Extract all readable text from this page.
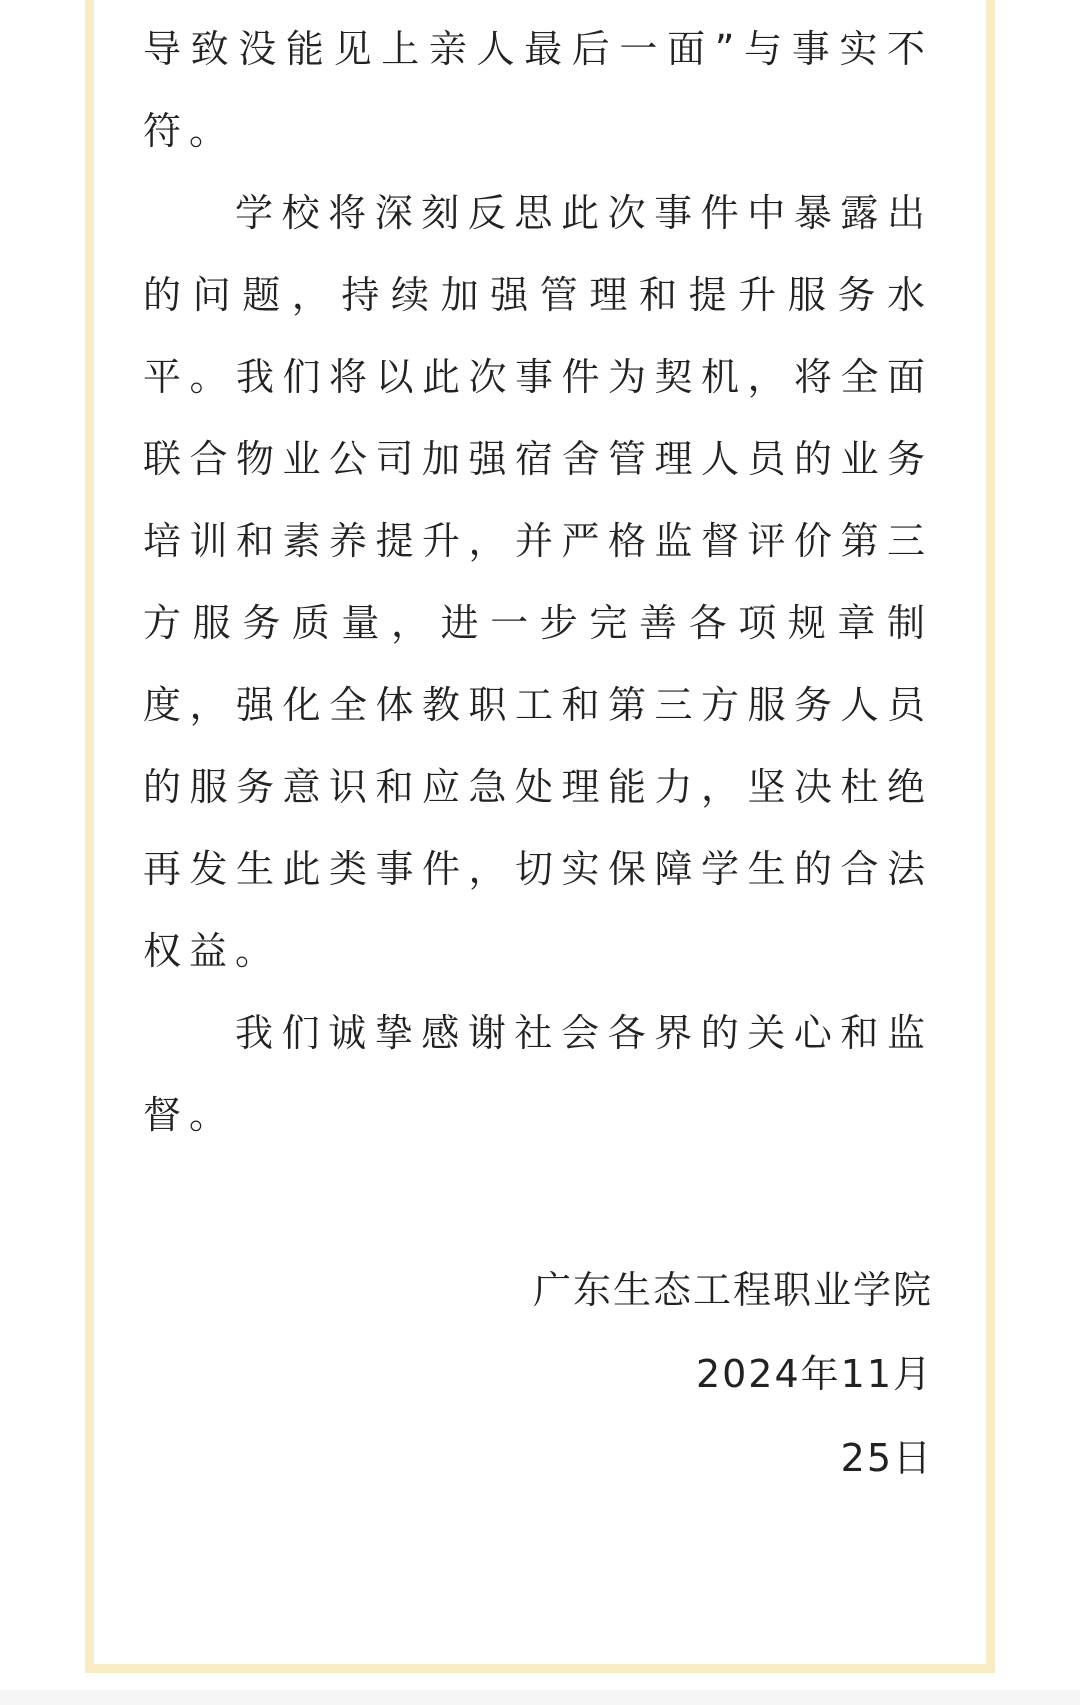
导致没能见上亲人最后一面”与事实不符。

学校将深刻反思此次事件中暴露出的问题，持续加强管理和提升服务水平。我们将以此次事件为契机，将全面联合物业公司加强宿舍管理人员的业务培训和素养提升，并严格监督评价第三方服务质量，进一步完善各项规章制度，强化全体教职工和第三方服务人员的服务意识和应急处理能力，坚决杜绝再发生此类事件，切实保障学生的合法权益。

我们诚挚感谢社会各界的关心和监督。

广东生态工程职业学院
2024年11月
25日
